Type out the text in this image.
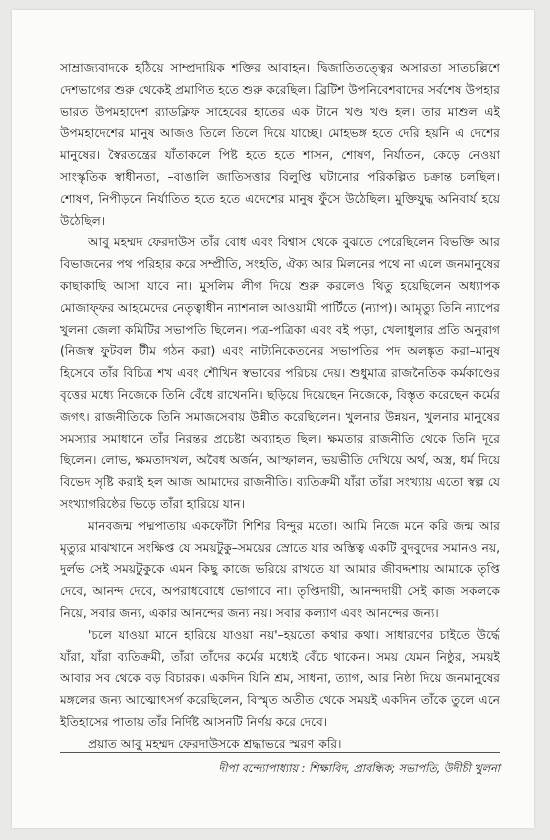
সাম্রাজ্যবাদকে হঠিয়ে সাম্প্রদায়িক শক্তির আবাহন। দ্বিজাতিতত্ত্বের অসারতা সাতচল্লিশে দেশভাগের শুরু থেকেই প্রমাণিত হতে শুরু করেছিল। ব্রিটিশ উপনিবেশবাদের সর্বশেষ উপহার ভারত উপমহাদেশ র‍্যাডক্লিফ সাহেবের হাতের এক টানে খণ্ড খণ্ড হল। তার মাশুল এই উপমহাদেশের মানুষ আজও তিলে তিলে দিয়ে যাচ্ছে। মোহভঙ্গ হতে দেরি হয়নি এ দেশের মানুষের। স্বৈরতন্ত্রের যাঁতাকলে পিষ্ট হতে হতে শাসন, শোষণ, নির্যাতন, কেড়ে নেওয়া সাংস্কৃতিক স্বাধীনতা, –বাঙালি জাতিসত্তার বিলুপ্তি ঘটানোর পরিকল্পিত চক্রান্ত চলছিল। শোষণ, নিপীড়নে নির্যাতিত হতে হতে এদেশের মানুষ ফুঁসে উঠেছিল। মুক্তিযুদ্ধ অনিবার্য হয়ে উঠেছিল।

আবু মহম্মদ ফেরদাউস তাঁর বোধ এবং বিশ্বাস থেকে বুঝতে পেরেছিলেন বিভক্তি আর বিভাজনের পথ পরিহার করে সম্প্রীতি, সংহতি, ঐক্য আর মিলনের পথে না এলে জনমানুষের কাছাকাছি আসা যাবে না। মুসলিম লীগ দিয়ে শুরু করলেও থিতু হয়েছিলেন অধ্যাপক মোজাফ্ফর আহমেদের নেতৃত্বাধীন ন্যাশনাল আওয়ামী পার্টিতে (ন্যাপ)। আমৃত্যু তিনি ন্যাপের খুলনা জেলা কমিটির সভাপতি ছিলেন। পত্র-পত্রিকা এবং বই পড়া, খেলাধুলার প্রতি অনুরাগ (নিজস্ব ফুটবল টীম গঠন করা) এবং নাট্যনিকেতনের সভাপতির পদ অলঙ্কৃত করা–মানুষ হিসেবে তাঁর বিচিত্র শখ এবং শৌখিন স্বভাবের পরিচয় দেয়। শুধুমাত্র রাজনৈতিক কর্মকাণ্ডের বৃত্তের মধ্যে নিজেকে তিনি বেঁধে রাখেননি। ছড়িয়ে দিয়েছেন নিজেকে, বিস্তৃত করেছেন কর্মের জগৎ। রাজনীতিকে তিনি সমাজসেবায় উন্নীত করেছিলেন। খুলনার উন্নয়ন, খুলনার মানুষের সমস্যার সমাধানে তাঁর নিরন্তর প্রচেষ্টা অব্যাহত ছিল। ক্ষমতার রাজনীতি থেকে তিনি দূরে ছিলেন। লোভ, ক্ষমতাদখল, অবৈধ অর্জন, আস্ফালন, ভয়ভীতি দেখিয়ে অর্থ, অস্ত্র, ধর্ম দিয়ে বিভেদ সৃষ্টি করাই হল আজ আমাদের রাজনীতি। ব্যতিক্রমী যাঁরা তাঁরা সংখ্যায় এতো স্বল্প যে সংখ্যাগরিষ্ঠের ভিড়ে তাঁরা হারিয়ে যান।

মানবজন্ম পদ্মপাতায় একফোঁটা শিশির বিন্দুর মতো। আমি নিজে মনে করি জন্ম আর মৃত্যুর মাঝখানে সংক্ষিপ্ত যে সময়টুকু–সময়ের স্রোতে যার অস্তিত্ব একটি বুদবুদের সমানও নয়, দুর্লভ সেই সময়টুকুকে এমন কিছু কাজে ভরিয়ে রাখতে যা আমার জীবদ্দশায় আমাকে তৃপ্তি দেবে, আনন্দ দেবে, অপরাধবোধে ভোগাবে না। তৃপ্তিদায়ী, আনন্দদায়ী সেই কাজ সকলকে নিয়ে, সবার জন্য, একার আনন্দের জন্য নয়। সবার কল্যাণ এবং আনন্দের জন্য।

'চলে যাওয়া মানে হারিয়ে যাওয়া নয়'–হয়তো কথার কথা। সাধারণের চাইতে উর্দ্ধে যাঁরা, যাঁরা ব্যতিক্রমী, তাঁরা তাঁদের কর্মের মধ্যেই বেঁচে থাকেন। সময় যেমন নিষ্ঠুর, সময়ই আবার সব থেকে বড় বিচারক। একদিন যিনি শ্রম, সাধনা, ত্যাগ, আর নিষ্ঠা দিয়ে জনমানুষের মঙ্গলের জন্য আত্মোৎসর্গ করেছিলেন, বিস্মৃত অতীত থেকে সময়ই একদিন তাঁকে তুলে এনে ইতিহাসের পাতায় তাঁর নির্দিষ্ট আসনটি নির্ণয় করে দেবে।

প্রয়াত আবু মহম্মদ ফেরদাউসকে শ্রদ্ধাভরে স্মরণ করি।

দীপা বন্দ্যোপাধ্যায় : শিক্ষাবিদ, প্রাবন্ধিক; সভাপতি, উদীচী খুলনা
